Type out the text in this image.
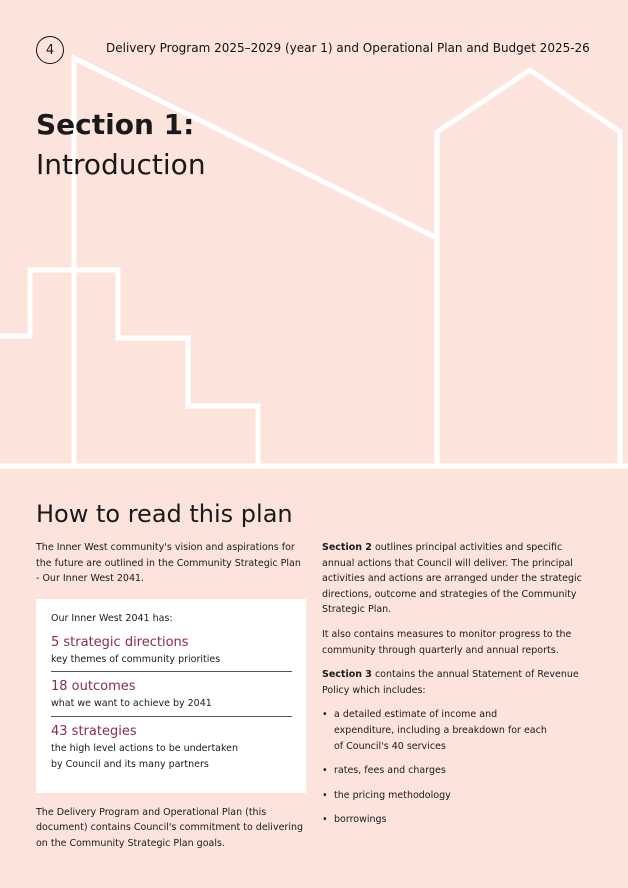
4	Delivery Program 2025–2029 (year 1) and Operational Plan and Budget 2025-26
Section 1:
Introduction
How to read this plan

The Inner West community's vision and aspirations for the future are outlined in the Community Strategic Plan - Our Inner West 2041.

Our Inner West 2041 has:
5 strategic directions
key themes of community priorities
18 outcomes
what we want to achieve by 2041
43 strategies
the high level actions to be undertaken by Council and its many partners

The Delivery Program and Operational Plan (this document) contains Council's commitment to delivering on the Community Strategic Plan goals.

Section 2 outlines principal activities and specific annual actions that Council will deliver. The principal activities and actions are arranged under the strategic directions, outcome and strategies of the Community Strategic Plan.

It also contains measures to monitor progress to the community through quarterly and annual reports.

Section 3 contains the annual Statement of Revenue Policy which includes:

• a detailed estimate of income and expenditure, including a breakdown for each of Council's 40 services
• rates, fees and charges
• the pricing methodology
• borrowings
